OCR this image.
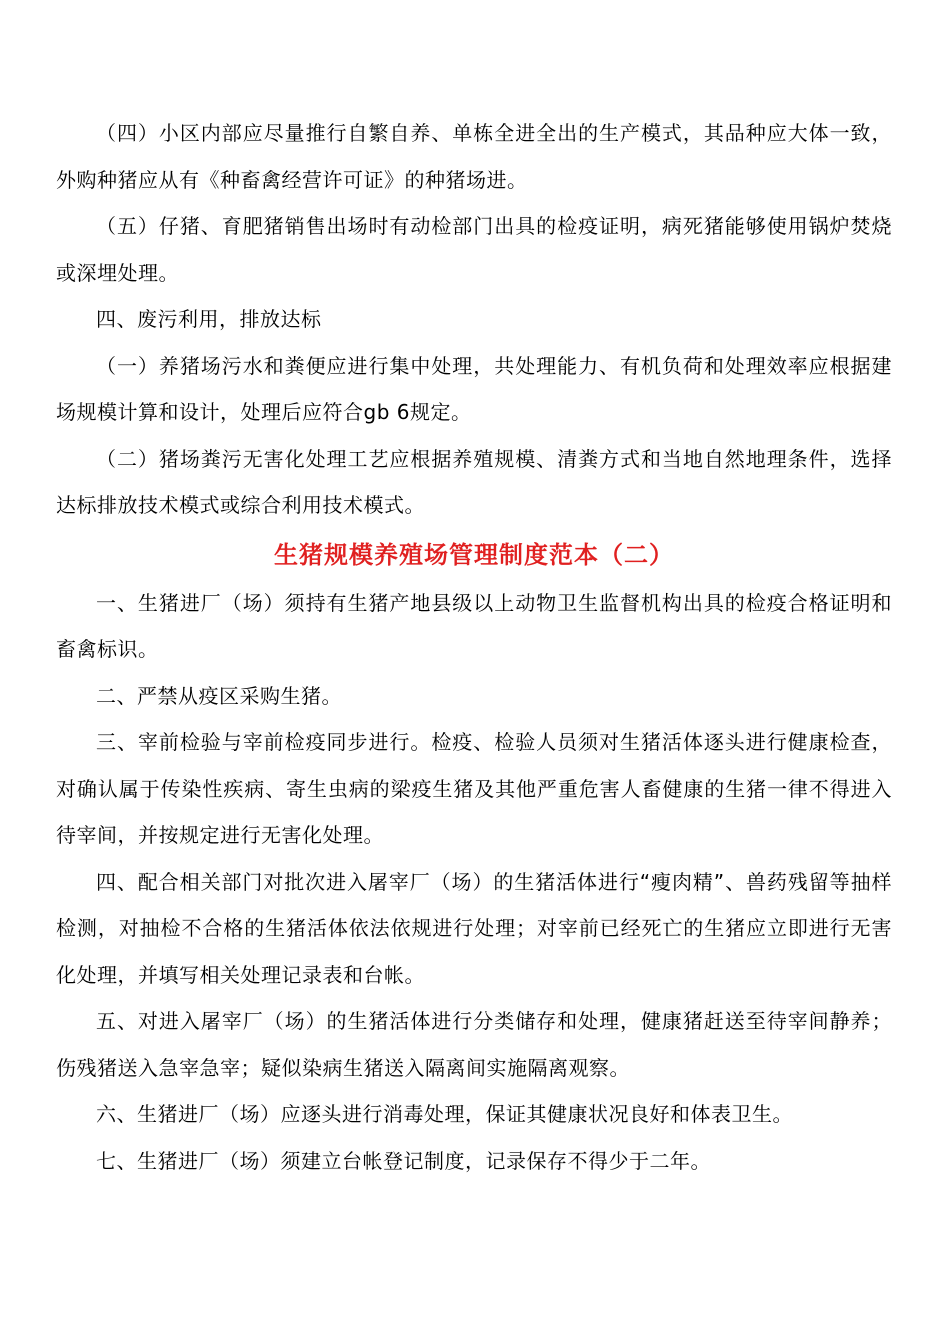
（四）小区内部应尽量推行自繁自养、单栋全进全出的生产模式，其品种应大体一致，外购种猪应从有《种畜禽经营许可证》的种猪场进。

（五）仔猪、育肥猪销售出场时有动检部门出具的检疫证明，病死猪能够使用锅炉焚烧或深埋处理。

四、废污利用，排放达标

（一）养猪场污水和粪便应进行集中处理，共处理能力、有机负荷和处理效率应根据建场规模计算和设计，处理后应符合gb 6规定。

（二）猪场粪污无害化处理工艺应根据养殖规模、清粪方式和当地自然地理条件，选择达标排放技术模式或综合利用技术模式。

生猪规模养殖场管理制度范本（二）

一、生猪进厂（场）须持有生猪产地县级以上动物卫生监督机构出具的检疫合格证明和畜禽标识。

二、严禁从疫区采购生猪。

三、宰前检验与宰前检疫同步进行。检疫、检验人员须对生猪活体逐头进行健康检查，对确认属于传染性疾病、寄生虫病的梁疫生猪及其他严重危害人畜健康的生猪一律不得进入待宰间，并按规定进行无害化处理。

四、配合相关部门对批次进入屠宰厂（场）的生猪活体进行“瘦肉精”、兽药残留等抽样检测，对抽检不合格的生猪活体依法依规进行处理；对宰前已经死亡的生猪应立即进行无害化处理，并填写相关处理记录表和台帐。

五、对进入屠宰厂（场）的生猪活体进行分类储存和处理，健康猪赶送至待宰间静养；伤残猪送入急宰急宰；疑似染病生猪送入隔离间实施隔离观察。

六、生猪进厂（场）应逐头进行消毒处理，保证其健康状况良好和体表卫生。

七、生猪进厂（场）须建立台帐登记制度，记录保存不得少于二年。
